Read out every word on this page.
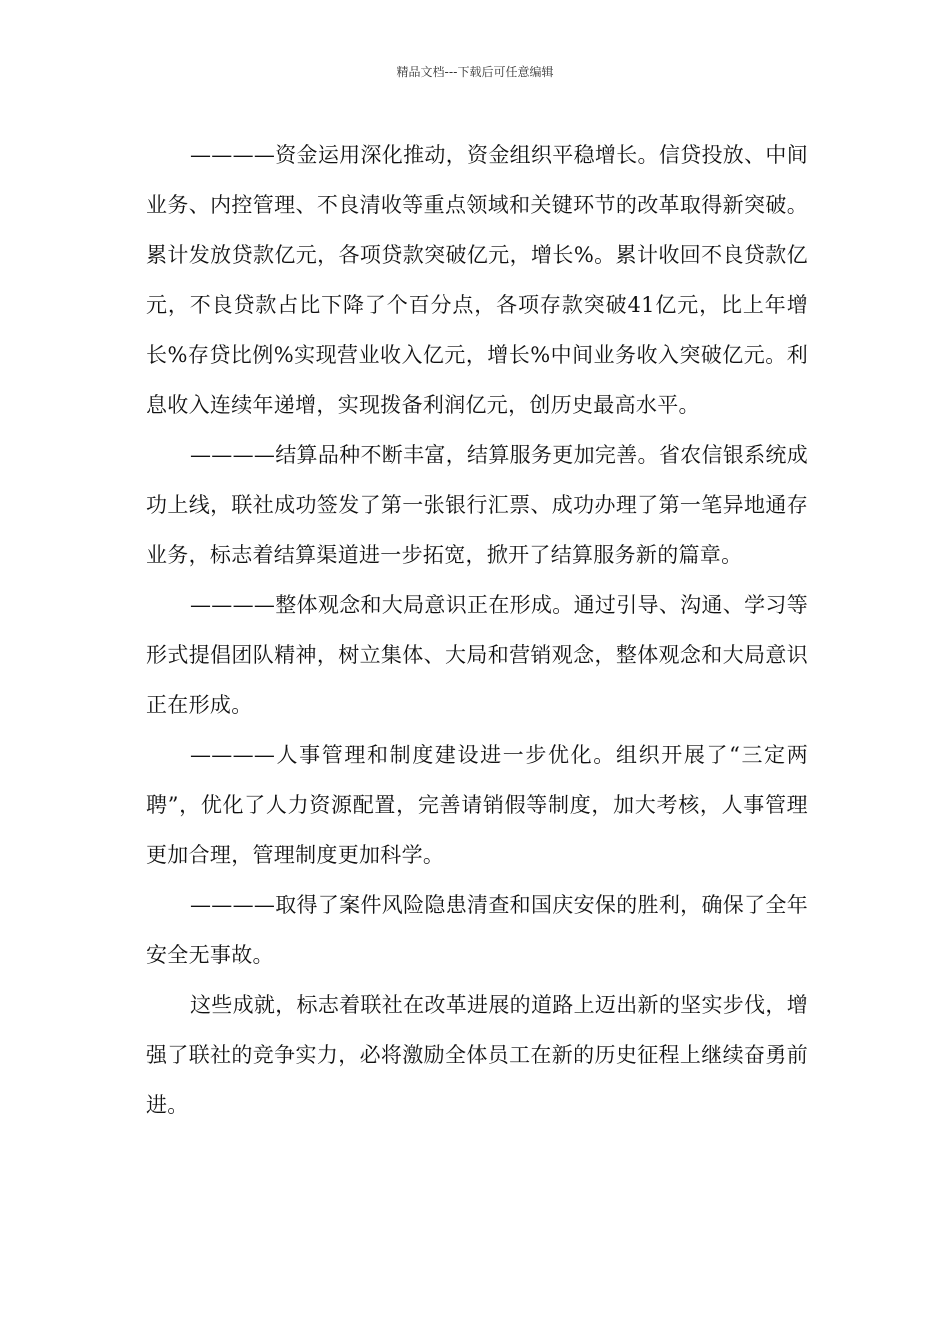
精品文档---下载后可任意编辑

————资金运用深化推动，资金组织平稳增长。信贷投放、中间业务、内控管理、不良清收等重点领域和关键环节的改革取得新突破。累计发放贷款亿元，各项贷款突破亿元，增长%。累计收回不良贷款亿元，不良贷款占比下降了个百分点，各项存款突破41亿元，比上年增长%存贷比例%实现营业收入亿元，增长%中间业务收入突破亿元。利息收入连续年递增，实现拨备利润亿元，创历史最高水平。

————结算品种不断丰富，结算服务更加完善。省农信银系统成功上线，联社成功签发了第一张银行汇票、成功办理了第一笔异地通存业务，标志着结算渠道进一步拓宽，掀开了结算服务新的篇章。

————整体观念和大局意识正在形成。通过引导、沟通、学习等形式提倡团队精神，树立集体、大局和营销观念，整体观念和大局意识正在形成。

————人事管理和制度建设进一步优化。组织开展了“三定两聘”，优化了人力资源配置，完善请销假等制度，加大考核，人事管理更加合理，管理制度更加科学。

————取得了案件风险隐患清查和国庆安保的胜利，确保了全年安全无事故。

这些成就，标志着联社在改革进展的道路上迈出新的坚实步伐，增强了联社的竞争实力，必将激励全体员工在新的历史征程上继续奋勇前进。
